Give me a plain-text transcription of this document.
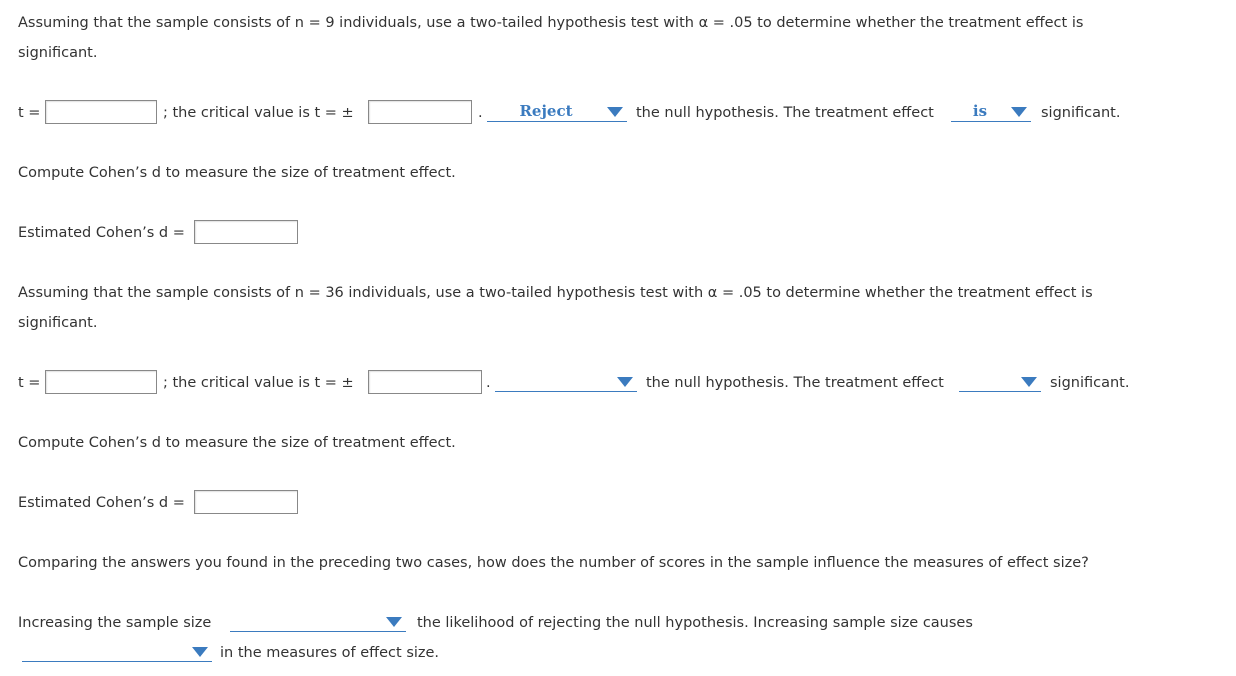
Assuming that the sample consists of n = 9 individuals, use a two-tailed hypothesis test with α = .05 to determine whether the treatment effect is
significant.
t =	; the critical value is t = ±	.	Reject	the null hypothesis. The treatment effect	is	significant.
Compute Cohen’s d to measure the size of treatment effect.
Estimated Cohen’s d =
Assuming that the sample consists of n = 36 individuals, use a two-tailed hypothesis test with α = .05 to determine whether the treatment effect is
significant.
t =	; the critical value is t = ±	.	the null hypothesis. The treatment effect	significant.
Compute Cohen’s d to measure the size of treatment effect.
Estimated Cohen’s d =
Comparing the answers you found in the preceding two cases, how does the number of scores in the sample influence the measures of effect size?
Increasing the sample size	the likelihood of rejecting the null hypothesis. Increasing sample size causes
in the measures of effect size.
